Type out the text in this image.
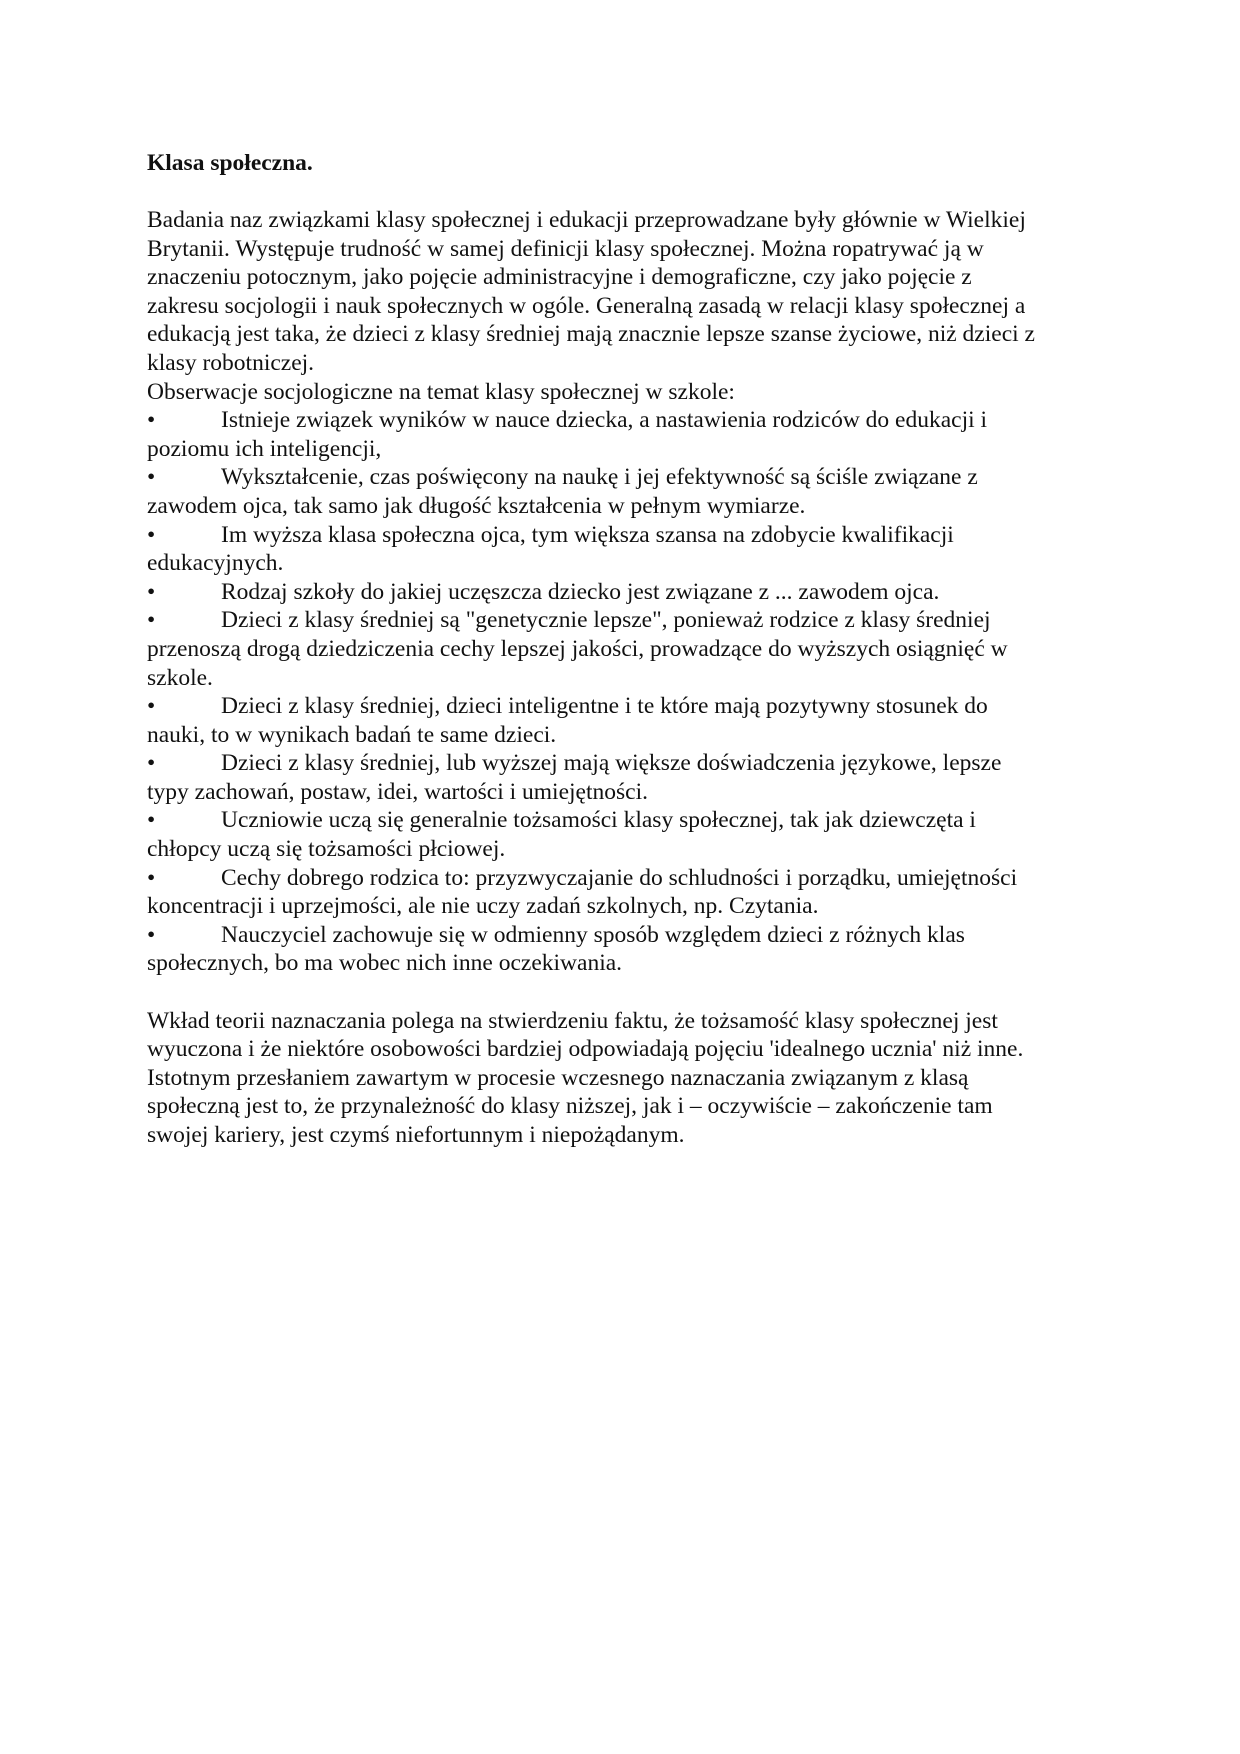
Klasa społeczna.
Badania naz związkami klasy społecznej i edukacji przeprowadzane były głównie w Wielkiej
Brytanii. Występuje trudność w samej definicji klasy społecznej. Można ropatrywać ją w
znaczeniu potocznym, jako pojęcie administracyjne i demograficzne, czy jako pojęcie z
zakresu socjologii i nauk społecznych w ogóle. Generalną zasadą w relacji klasy społecznej a
edukacją jest taka, że dzieci z klasy średniej mają znacznie lepsze szanse życiowe, niż dzieci z
klasy robotniczej.
Obserwacje socjologiczne na temat klasy społecznej w szkole:
•	Istnieje związek wyników w nauce dziecka, a nastawienia rodziców do edukacji i
poziomu ich inteligencji,
•	Wykształcenie, czas poświęcony na naukę i jej efektywność są ściśle związane z
zawodem ojca, tak samo jak długość kształcenia w pełnym wymiarze.
•	Im wyższa klasa społeczna ojca, tym większa szansa na zdobycie kwalifikacji
edukacyjnych.
•	Rodzaj szkoły do jakiej uczęszcza dziecko jest związane z ... zawodem ojca.
•	Dzieci z klasy średniej są "genetycznie lepsze", ponieważ rodzice z klasy średniej
przenoszą drogą dziedziczenia cechy lepszej jakości, prowadzące do wyższych osiągnięć w
szkole.
•	Dzieci z klasy średniej, dzieci inteligentne i te które mają pozytywny stosunek do
nauki, to w wynikach badań te same dzieci.
•	Dzieci z klasy średniej, lub wyższej mają większe doświadczenia językowe, lepsze
typy zachowań, postaw, idei, wartości i umiejętności.
•	Uczniowie uczą się generalnie tożsamości klasy społecznej, tak jak dziewczęta i
chłopcy uczą się tożsamości płciowej.
•	Cechy dobrego rodzica to: przyzwyczajanie do schludności i porządku, umiejętności
koncentracji i uprzejmości, ale nie uczy zadań szkolnych, np. Czytania.
•	Nauczyciel zachowuje się w odmienny sposób względem dzieci z różnych klas
społecznych, bo ma wobec nich inne oczekiwania.
Wkład teorii naznaczania polega na stwierdzeniu faktu, że tożsamość klasy społecznej jest
wyuczona i że niektóre osobowości bardziej odpowiadają pojęciu 'idealnego ucznia' niż inne.
Istotnym przesłaniem zawartym w procesie wczesnego naznaczania związanym z klasą
społeczną jest to, że przynależność do klasy niższej, jak i – oczywiście – zakończenie tam
swojej kariery, jest czymś niefortunnym i niepożądanym.
